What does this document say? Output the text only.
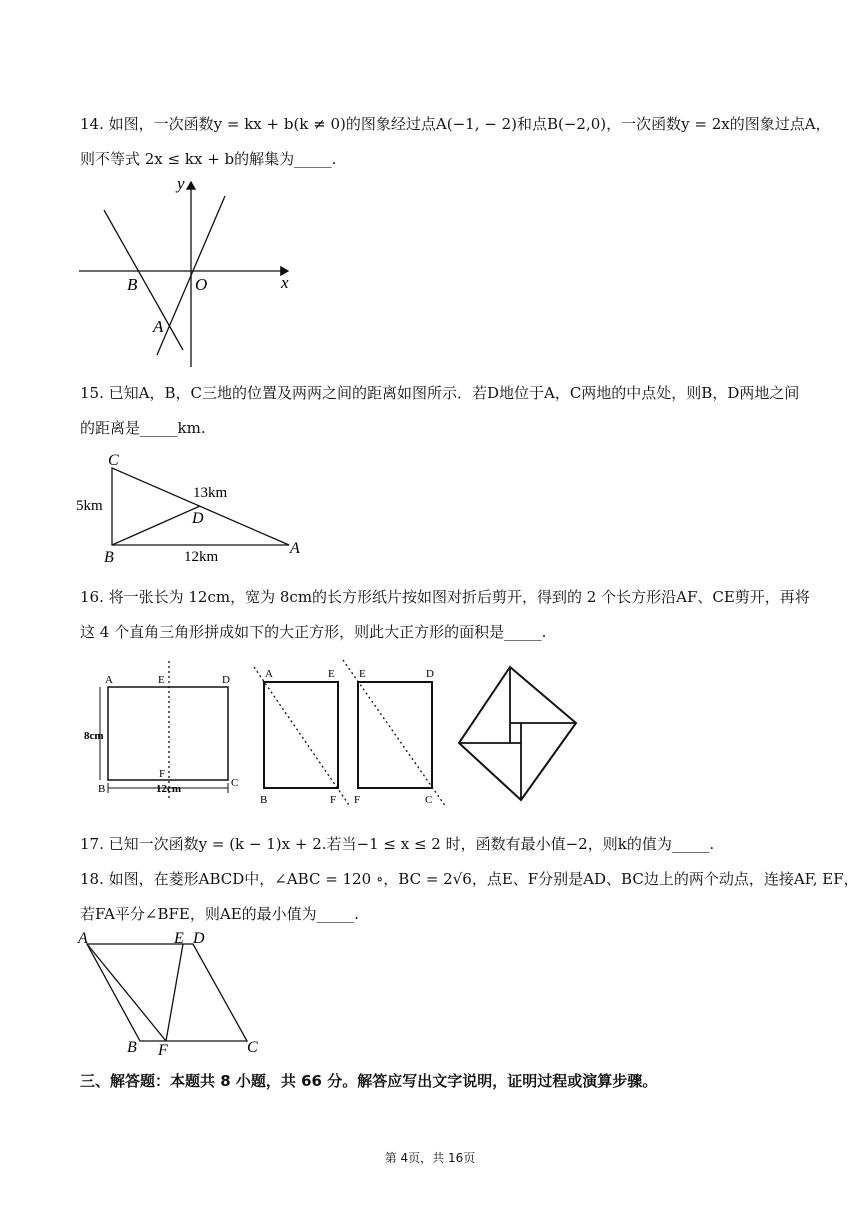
14. 如图，一次函数y = kx + b(k ≠ 0)的图象经过点A(−1, − 2)和点B(−2,0)，一次函数y = 2x的图象过点A，
则不等式 2x ≤ kx + b的解集为_____.
y
x
B	O
A
15. 已知A，B，C三地的位置及两两之间的距离如图所示．若D地位于A，C两地的中点处，则B，D两地之间
的距离是_____km.
C
B
A
D
5km
13km
12km
16. 将一张长为 12cm，宽为 8cm的长方形纸片按如图对折后剪开，得到的 2 个长方形沿AF、CE剪开，再将
这 4 个直角三角形拼成如下的大正方形，则此大正方形的面积是_____.
A	E	D
F
B	C
8cm
12cm
A	E
B	F
E	D
F	C
17. 已知一次函数y = (k − 1)x + 2.若当−1 ≤ x ≤ 2 时，函数有最小值−2，则k的值为_____.
18. 如图，在菱形ABCD中，∠ABC = 120 ∘，BC = 2√6，点E、F分别是AD、BC边上的两个动点，连接AF, EF，
若FA平分∠BFE，则AE的最小值为_____.
A	E D
B F	C
三、解答题：本题共 8 小题，共 66 分。解答应写出文字说明，证明过程或演算步骤。
第 4页，共 16页
